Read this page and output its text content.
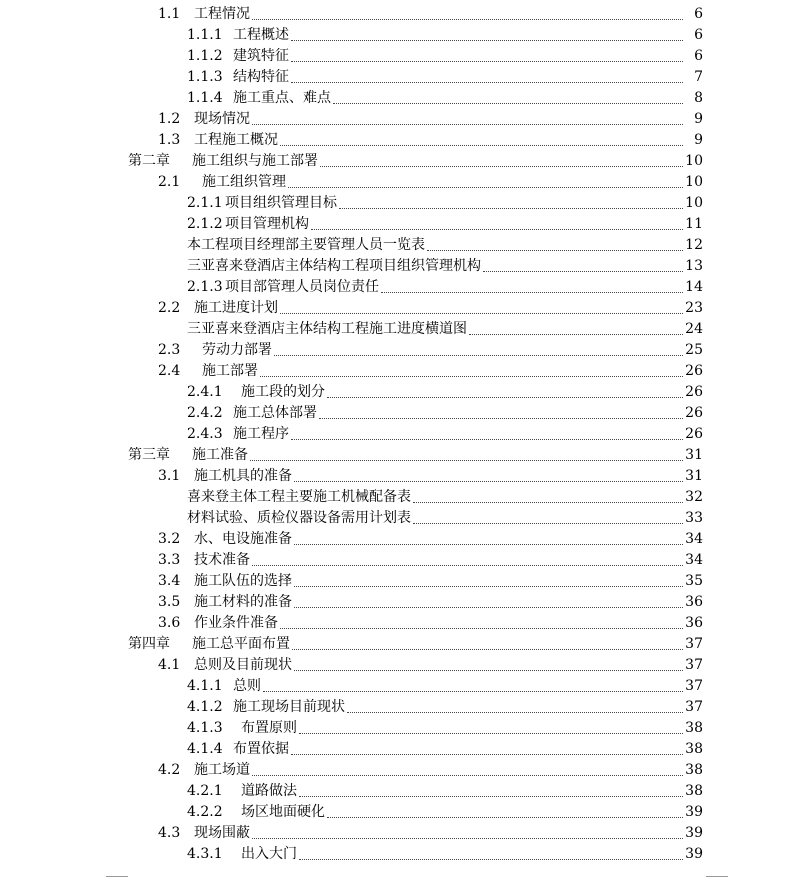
1.1 工程情况	6
1.1.1 工程概述	6
1.1.2 建筑特征	6
1.1.3 结构特征	7
1.1.4 施工重点、难点	8
1.2 现场情况	9
1.3 工程施工概况	9
第二章	施工组织与施工部署	10
2.1	施工组织管理	10
2.1.1 项目组织管理目标	10
2.1.2 项目管理机构	11
本工程项目经理部主要管理人员一览表	12
三亚喜来登酒店主体结构工程项目组织管理机构	13
2.1.3 项目部管理人员岗位责任	14
2.2 施工进度计划	23
三亚喜来登酒店主体结构工程施工进度横道图	24
2.3	劳动力部署	25
2.4	施工部署	26
2.4.1	施工段的划分	26
2.4.2 施工总体部署	26
2.4.3 施工程序	26
第三章	施工准备	31
3.1 施工机具的准备	31
喜来登主体工程主要施工机械配备表	32
材料试验、质检仪器设备需用计划表	33
3.2 水、电设施准备	34
3.3 技术准备	34
3.4 施工队伍的选择	35
3.5 施工材料的准备	36
3.6 作业条件准备	36
第四章	施工总平面布置	37
4.1 总则及目前现状	37
4.1.1 总则	37
4.1.2 施工现场目前现状	37
4.1.3	布置原则	38
4.1.4 布置依据	38
4.2 施工场道	38
4.2.1	道路做法	38
4.2.2	场区地面硬化	39
4.3 现场围蔽	39
4.3.1	出入大门	39
